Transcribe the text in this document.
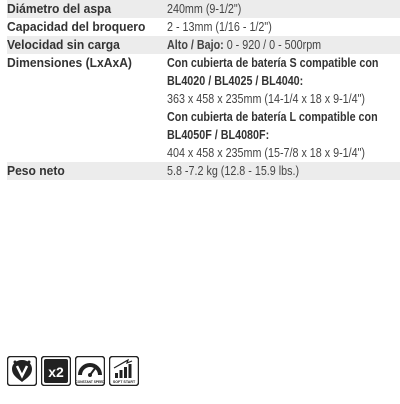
Diámetro del aspa	240mm (9-1/2")
Capacidad del broquero	2 - 13mm (1/16 - 1/2")
Velocidad sin carga	Alto / Bajo: 0 - 920 / 0 - 500rpm
Dimensiones (LxAxA)	Con cubierta de batería S compatible con
BL4020 / BL4025 / BL4040:
363 x 458 x 235mm (14-1/4 x 18 x 9-1/4")
Con cubierta de batería L compatible con
BL4050F / BL4080F:
404 x 458 x 235mm (15-7/8 x 18 x 9-1/4")
Peso neto	5.8 -7.2 kg (12.8 - 15.9 lbs.)
x2
CONSTANT SPEED SOFT START
